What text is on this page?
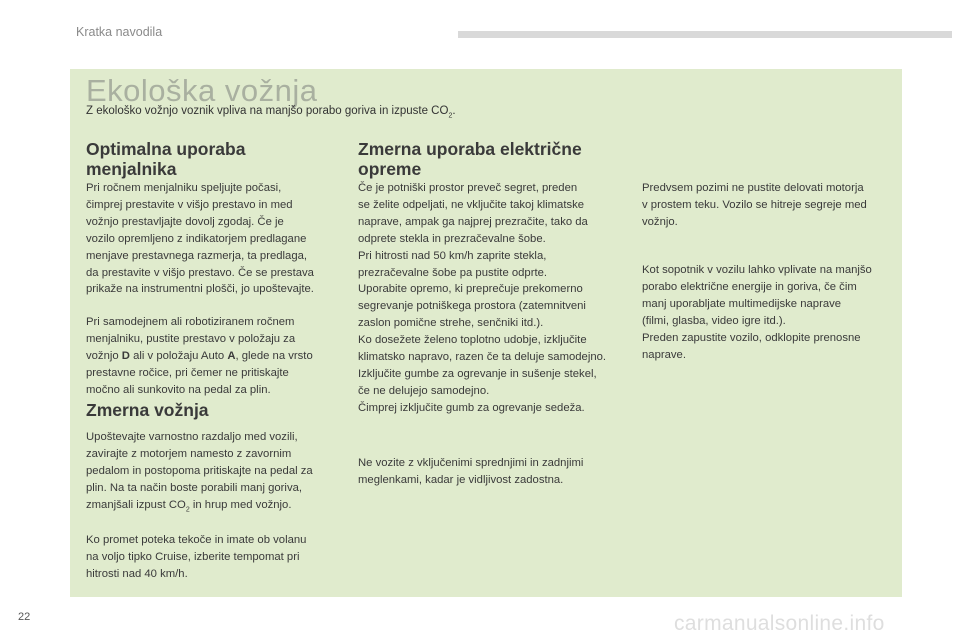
Kratka navodila
Ekološka vožnja
Z ekološko vožnjo voznik vpliva na manjšo porabo goriva in izpuste $CO_2$.
Optimalna uporaba
menjalnika
Pri ročnem menjalniku speljujte počasi,
čimprej prestavite v višjo prestavo in med
vožnjo prestavljajte dovolj zgodaj. Če je
vozilo opremljeno z indikatorjem predlagane
menjave prestavnega razmerja, ta predlaga,
da prestavite v višjo prestavo. Če se prestava
prikaže na instrumentni plošči, jo upoštevajte.
Pri samodejnem ali robotiziranem ročnem
menjalniku, pustite prestavo v položaju za
vožnjo D ali v položaju Auto A, glede na vrsto
prestavne ročice, pri čemer ne pritiskajte
močno ali sunkovito na pedal za plin.
Zmerna vožnja
Upoštevajte varnostno razdaljo med vozili,
zavirajte z motorjem namesto z zavornim
pedalom in postopoma pritiskajte na pedal za
plin. Na ta način boste porabili manj goriva,
zmanjšali izpust $CO_2$ in hrup med vožnjo.
Ko promet poteka tekoče in imate ob volanu
na voljo tipko Cruise, izberite tempomat pri
hitrosti nad 40 km/h.
Zmerna uporaba električne
opreme
Če je potniški prostor preveč segret, preden
se želite odpeljati, ne vključite takoj klimatske
naprave, ampak ga najprej prezračite, tako da
odprete stekla in prezračevalne šobe.
Pri hitrosti nad 50 km/h zaprite stekla,
prezračevalne šobe pa pustite odprte.
Uporabite opremo, ki preprečuje prekomerno
segrevanje potniškega prostora (zatemnitveni
zaslon pomične strehe, senčniki itd.).
Ko dosežete želeno toplotno udobje, izključite
klimatsko napravo, razen če ta deluje samodejno.
Izključite gumbe za ogrevanje in sušenje stekel,
če ne delujejo samodejno.
Čimprej izključite gumb za ogrevanje sedeža.
Ne vozite z vključenimi sprednjimi in zadnjimi
meglenkami, kadar je vidljivost zadostna.
Predvsem pozimi ne pustite delovati motorja
v prostem teku. Vozilo se hitreje segreje med
vožnjo.
Kot sopotnik v vozilu lahko vplivate na manjšo
porabo električne energije in goriva, če čim
manj uporabljate multimedijske naprave
(filmi, glasba, video igre itd.).
Preden zapustite vozilo, odklopite prenosne
naprave.
22	carmanualsonline.info
